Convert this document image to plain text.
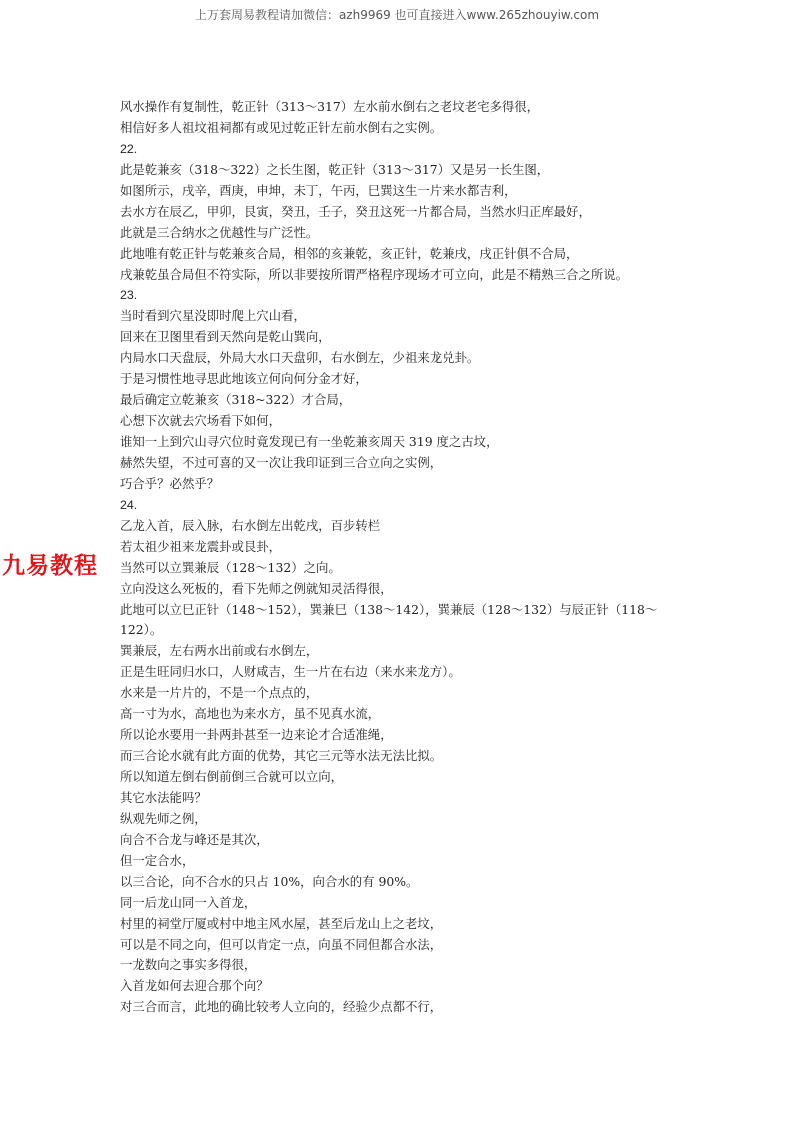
上万套周易教程请加微信：azh9969 也可直接进入www.265zhouyiw.com
九易教程
风水操作有复制性，乾正针（313～317）左水前水倒右之老坟老宅多得很，
相信好多人祖坟祖祠都有或见过乾正针左前水倒右之实例。
22.
此是乾兼亥（318～322）之长生图，乾正针（313～317）又是另一长生图，
如图所示，戌辛，酉庚，申坤，未丁，午丙，巳巽这生一片来水都吉利，
去水方在辰乙，甲卯，艮寅，癸丑，壬子，癸丑这死一片都合局，当然水归正库最好，
此就是三合纳水之优越性与广泛性。
此地唯有乾正针与乾兼亥合局，相邻的亥兼乾，亥正针，乾兼戌，戌正针俱不合局，
戌兼乾虽合局但不符实际，所以非要按所谓严格程序现场才可立向，此是不精熟三合之所说。
23.
当时看到穴星没即时爬上穴山看，
回来在卫图里看到天然向是乾山巽向，
内局水口天盘辰，外局大水口天盘卯，右水倒左，少祖来龙兑卦。
于是习惯性地寻思此地该立何向何分金才好，
最后确定立乾兼亥（318~322）才合局，
心想下次就去穴场看下如何，
谁知一上到穴山寻穴位时竟发现已有一坐乾兼亥周天 319 度之古坟，
赫然失望，不过可喜的又一次让我印证到三合立向之实例，
巧合乎？必然乎？
24.
乙龙入首，辰入脉，右水倒左出乾戌，百步转栏
若太祖少祖来龙震卦或艮卦，
当然可以立巽兼辰（128～132）之向。
立向没这么死板的，看下先师之例就知灵活得很，
此地可以立巳正针（148～152），巽兼巳（138～142），巽兼辰（128～132）与辰正针（118～
122）。
巽兼辰，左右两水出前或右水倒左，
正是生旺同归水口，人财咸吉，生一片在右边（来水来龙方）。
水来是一片片的，不是一个点点的，
高一寸为水，高地也为来水方，虽不见真水流，
所以论水要用一卦两卦甚至一边来论才合适准绳，
而三合论水就有此方面的优势，其它三元等水法无法比拟。
所以知道左倒右倒前倒三合就可以立向，
其它水法能吗？
纵观先师之例，
向合不合龙与峰还是其次，
但一定合水，
以三合论，向不合水的只占 10%，向合水的有 90%。
同一后龙山同一入首龙，
村里的祠堂厅厦或村中地主风水屋，甚至后龙山上之老坟，
可以是不同之向，但可以肯定一点，向虽不同但都合水法，
一龙数向之事实多得很，
入首龙如何去迎合那个向？
对三合而言，此地的确比较考人立向的，经验少点都不行，
